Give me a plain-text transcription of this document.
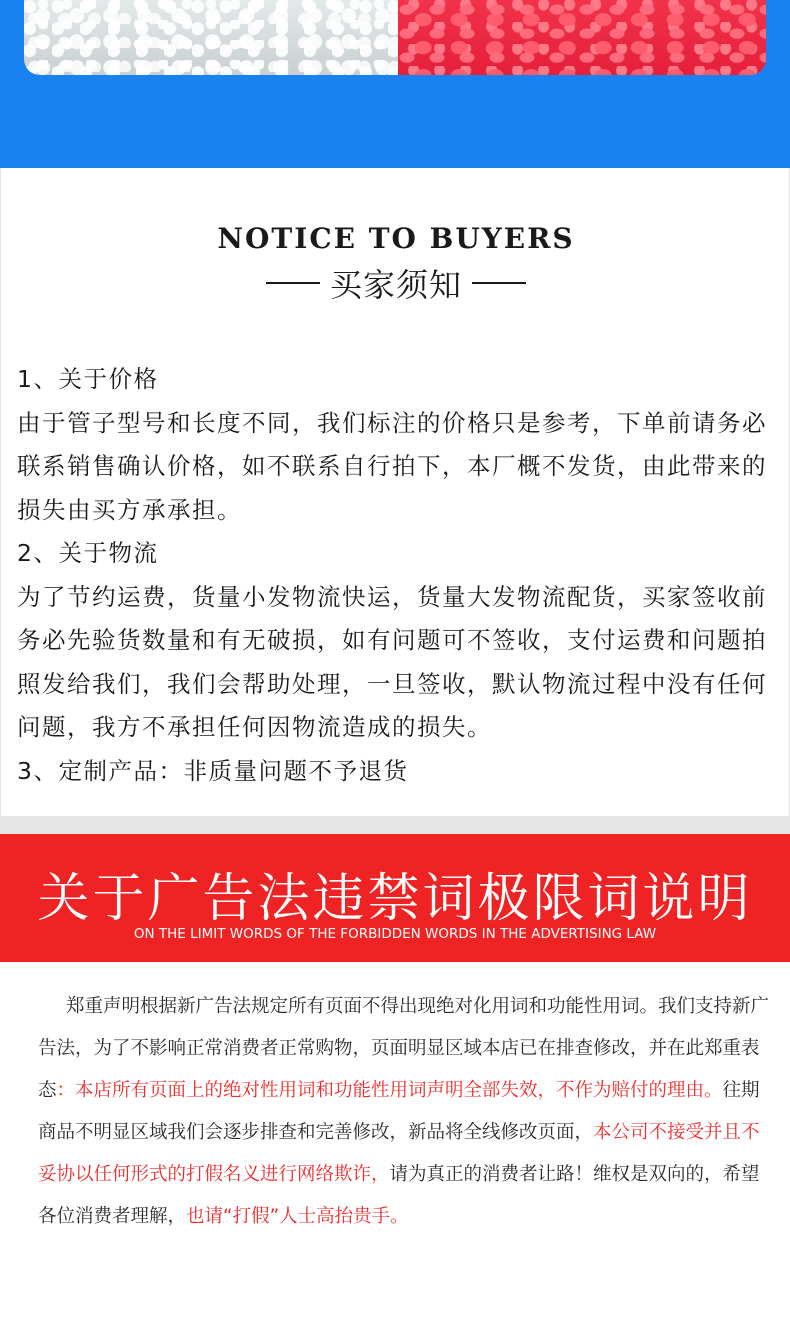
NOTICE TO BUYERS
买家须知

1、关于价格

由于管子型号和长度不同，我们标注的价格只是参考，下单前请务必联系销售确认价格，如不联系自行拍下，本厂概不发货，由此带来的损失由买方承承担。

2、关于物流

为了节约运费，货量小发物流快运，货量大发物流配货，买家签收前务必先验货数量和有无破损，如有问题可不签收，支付运费和问题拍照发给我们，我们会帮助处理，一旦签收，默认物流过程中没有任何问题，我方不承担任何因物流造成的损失。

3、定制产品：非质量问题不予退货

关于广告法违禁词极限词说明

ON THE LIMIT WORDS OF THE FORBIDDEN WORDS IN THE ADVERTISING LAW

郑重声明根据新广告法规定所有页面不得出现绝对化用词和功能性用词。我们支持新广告法，为了不影响正常消费者正常购物，页面明显区域本店已在排查修改，并在此郑重表态：本店所有页面上的绝对性用词和功能性用词声明全部失效，不作为赔付的理由。往期商品不明显区域我们会逐步排查和完善修改，新品将全线修改页面，本公司不接受并且不妥协以任何形式的打假名义进行网络欺诈，请为真正的消费者让路！维权是双向的，希望各位消费者理解，也请“打假”人士高抬贵手。
